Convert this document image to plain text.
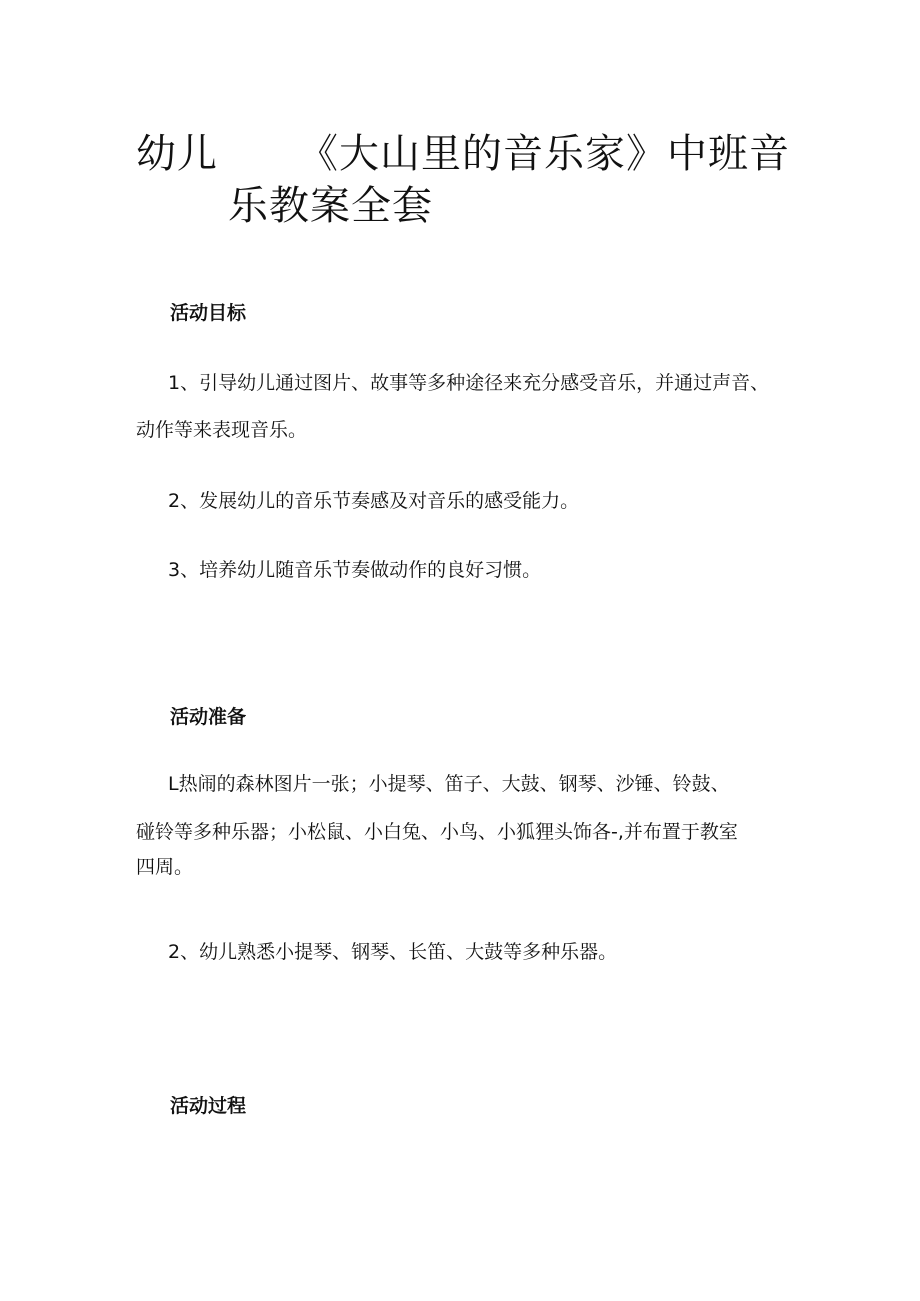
幼儿 《大山里的音乐家》中班音
乐教案全套
活动目标
1、引导幼儿通过图片、故事等多种途径来充分感受音乐，并通过声音、
动作等来表现音乐。
2、发展幼儿的音乐节奏感及对音乐的感受能力。
3、培养幼儿随音乐节奏做动作的良好习惯。
活动准备
L热闹的森林图片一张；小提琴、笛子、大鼓、钢琴、沙锤、铃鼓、
碰铃等多种乐器；小松鼠、小白兔、小鸟、小狐狸头饰各-,并布置于教室
四周。
2、幼儿熟悉小提琴、钢琴、长笛、大鼓等多种乐器。
活动过程
